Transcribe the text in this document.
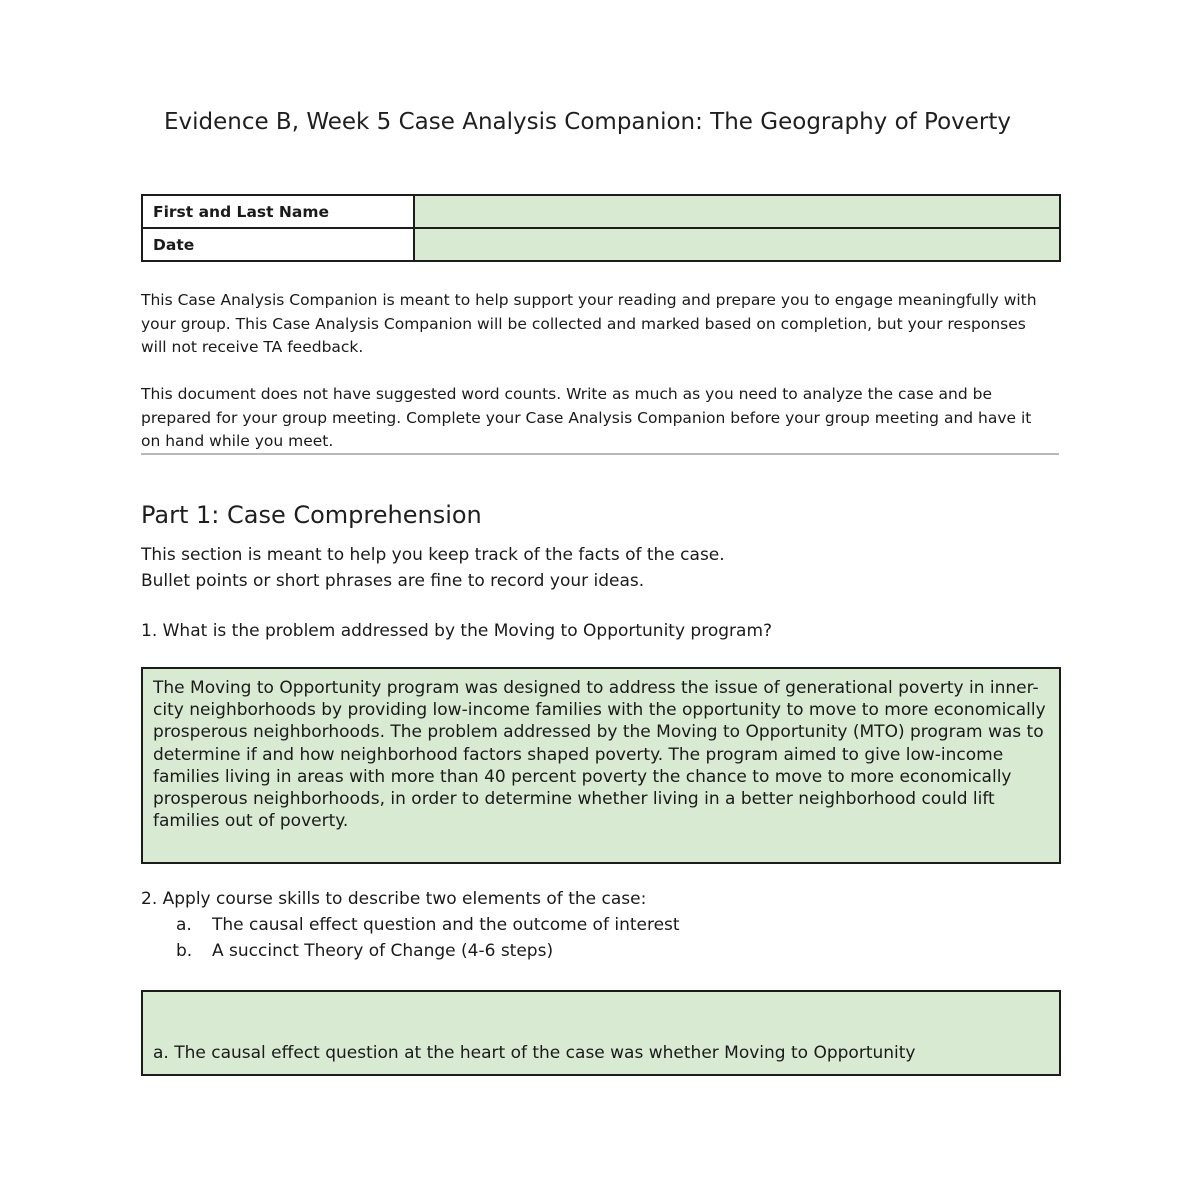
Evidence B, Week 5 Case Analysis Companion: The Geography of Poverty
First and Last Name	
Date	

This Case Analysis Companion is meant to help support your reading and prepare you to engage meaningfully with your group. This Case Analysis Companion will be collected and marked based on completion, but your responses will not receive TA feedback.

This document does not have suggested word counts. Write as much as you need to analyze the case and be prepared for your group meeting. Complete your Case Analysis Companion before your group meeting and have it on hand while you meet.

Part 1: Case Comprehension
This section is meant to help you keep track of the facts of the case.
Bullet points or short phrases are fine to record your ideas.

1. What is the problem addressed by the Moving to Opportunity program?

The Moving to Opportunity program was designed to address the issue of generational poverty in inner-city neighborhoods by providing low-income families with the opportunity to move to more economically prosperous neighborhoods. The problem addressed by the Moving to Opportunity (MTO) program was to determine if and how neighborhood factors shaped poverty. The program aimed to give low-income families living in areas with more than 40 percent poverty the chance to move to more economically prosperous neighborhoods, in order to determine whether living in a better neighborhood could lift families out of poverty.

2. Apply course skills to describe two elements of the case:

a.	The causal effect question and the outcome of interest
b.	A succinct Theory of Change (4-6 steps)
a. The causal effect question at the heart of the case was whether Moving to Opportunity
